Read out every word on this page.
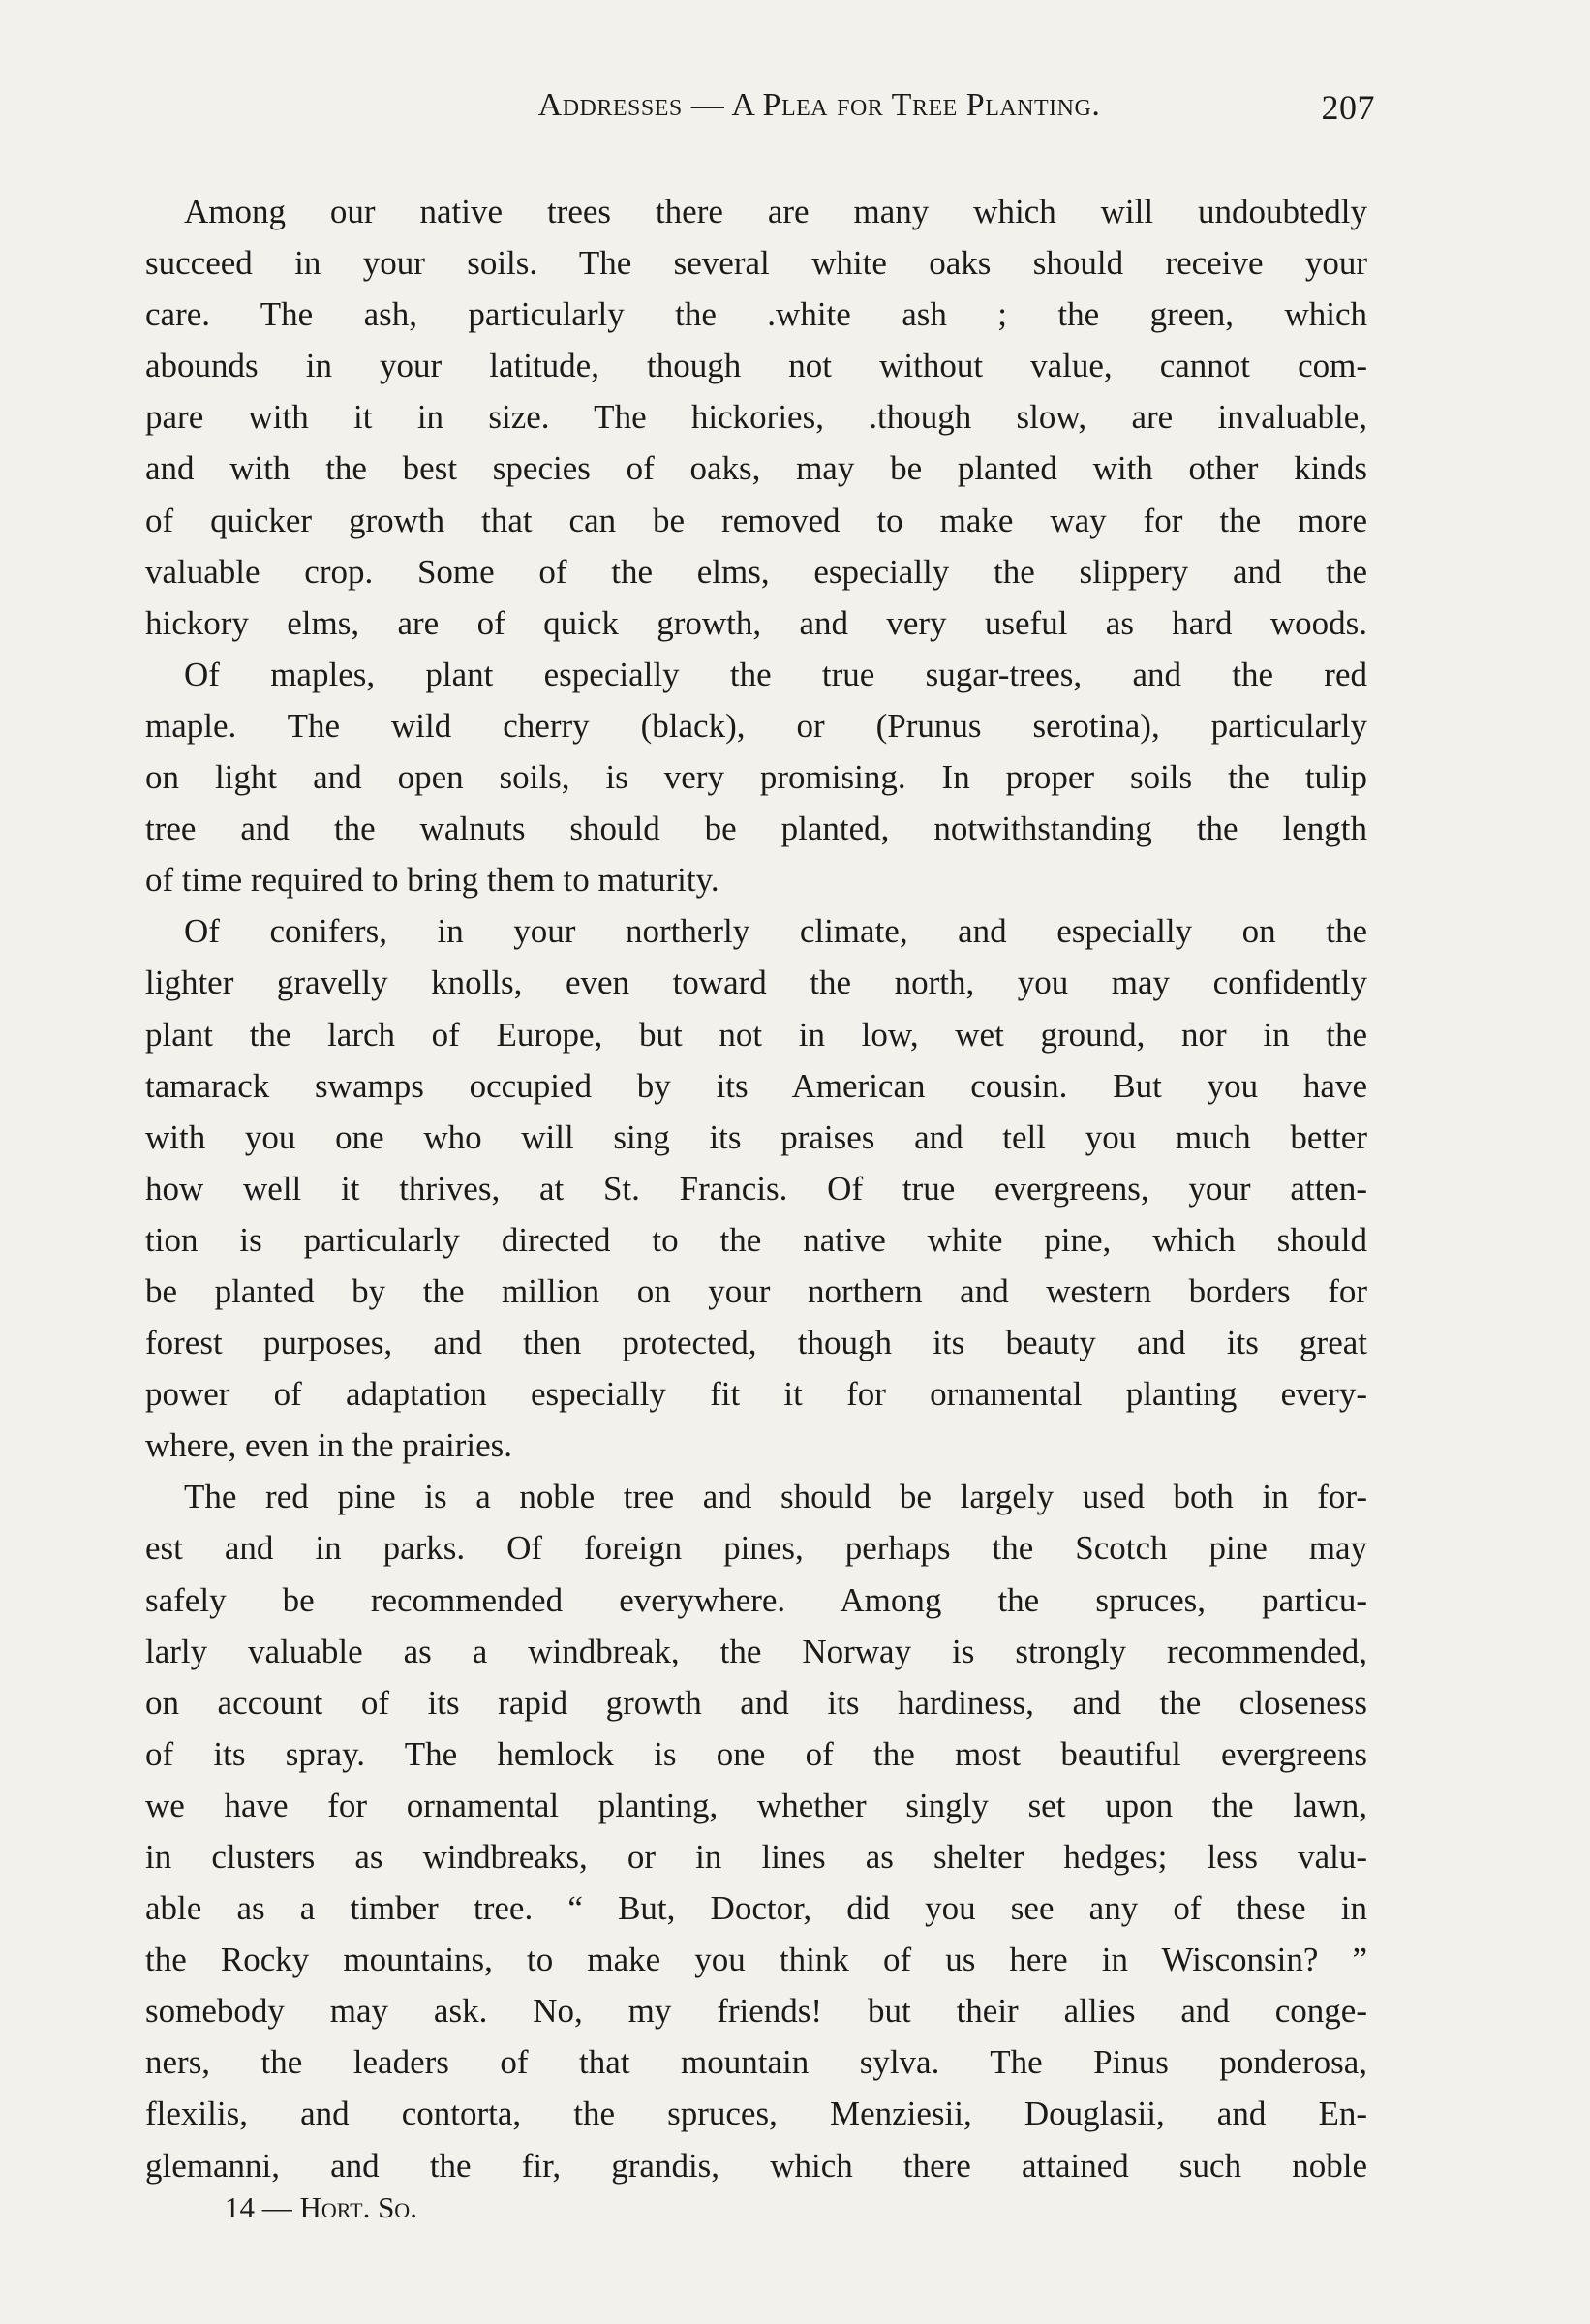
Addresses — A Plea for Tree Planting.	207
Among our native trees there are many which will undoubtedly
succeed in your soils. The several white oaks should receive your
care. The ash, particularly the .white ash ; the green, which
abounds in your latitude, though not without value, cannot com-
pare with it in size. The hickories, .though slow, are invaluable,
and with the best species of oaks, may be planted with other kinds
of quicker growth that can be removed to make way for the more
valuable crop. Some of the elms, especially the slippery and the
hickory elms, are of quick growth, and very useful as hard woods.
Of maples, plant especially the true sugar-trees, and the red
maple. The wild cherry (black), or (Prunus serotina), particularly
on light and open soils, is very promising. In proper soils the tulip
tree and the walnuts should be planted, notwithstanding the length
of time required to bring them to maturity.
Of conifers, in your northerly climate, and especially on the
lighter gravelly knolls, even toward the north, you may confidently
plant the larch of Europe, but not in low, wet ground, nor in the
tamarack swamps occupied by its American cousin. But you have
with you one who will sing its praises and tell you much better
how well it thrives, at St. Francis. Of true evergreens, your atten-
tion is particularly directed to the native white pine, which should
be planted by the million on your northern and western borders for
forest purposes, and then protected, though its beauty and its great
power of adaptation especially fit it for ornamental planting every-
where, even in the prairies.
The red pine is a noble tree and should be largely used both in for-
est and in parks. Of foreign pines, perhaps the Scotch pine may
safely be recommended everywhere. Among the spruces, particu-
larly valuable as a windbreak, the Norway is strongly recommended,
on account of its rapid growth and its hardiness, and the closeness
of its spray. The hemlock is one of the most beautiful evergreens
we have for ornamental planting, whether singly set upon the lawn,
in clusters as windbreaks, or in lines as shelter hedges; less valu-
able as a timber tree. “ But, Doctor, did you see any of these in
the Rocky mountains, to make you think of us here in Wisconsin? ”
somebody may ask. No, my friends! but their allies and conge-
ners, the leaders of that mountain sylva. The Pinus ponderosa,
flexilis, and contorta, the spruces, Menziesii, Douglasii, and En-
glemanni, and the fir, grandis, which there attained such noble
14 — Hort. So.
